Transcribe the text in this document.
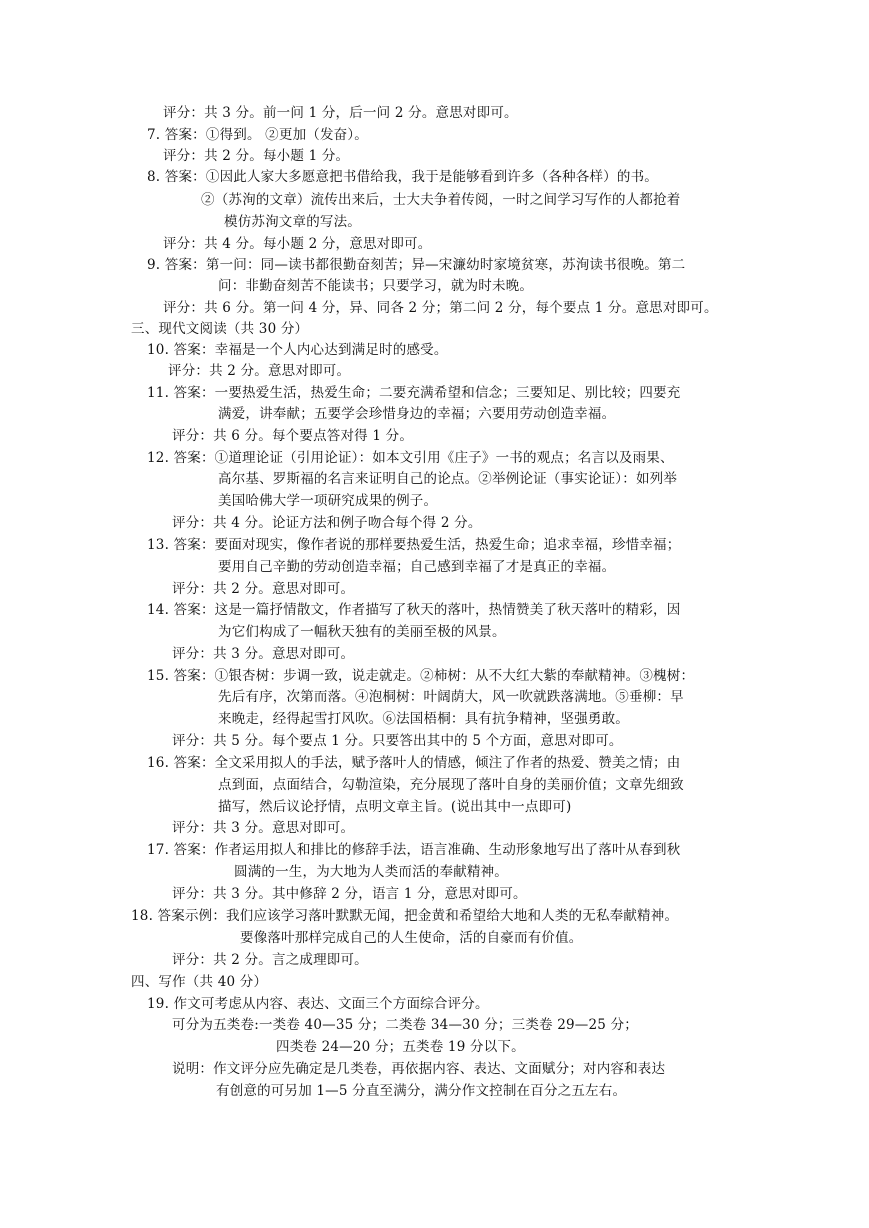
评分：共 3 分。前一问 1 分，后一问 2 分。意思对即可。
7. 答案：①得到。 ②更加（发奋）。
评分：共 2 分。每小题 1 分。
8. 答案：①因此人家大多愿意把书借给我，我于是能够看到许多（各种各样）的书。
②（苏洵的文章）流传出来后，士大夫争着传阅，一时之间学习写作的人都抢着
模仿苏洵文章的写法。
评分：共 4 分。每小题 2 分，意思对即可。
9. 答案：第一问：同—读书都很勤奋刻苦；异—宋濂幼时家境贫寒，苏洵读书很晚。第二
问：非勤奋刻苦不能读书；只要学习，就为时未晚。
评分：共 6 分。第一问 4 分，异、同各 2 分；第二问 2 分，每个要点 1 分。意思对即可。
三、现代文阅读（共 30 分）
10. 答案：幸福是一个人内心达到满足时的感受。
评分：共 2 分。意思对即可。
11. 答案：一要热爱生活，热爱生命；二要充满希望和信念；三要知足、别比较；四要充
满爱，讲奉献；五要学会珍惜身边的幸福；六要用劳动创造幸福。
评分：共 6 分。每个要点答对得 1 分。
12. 答案：①道理论证（引用论证）：如本文引用《庄子》一书的观点；名言以及雨果、
高尔基、罗斯福的名言来证明自己的论点。②举例论证（事实论证）：如列举
美国哈佛大学一项研究成果的例子。
评分：共 4 分。论证方法和例子吻合每个得 2 分。
13. 答案：要面对现实，像作者说的那样要热爱生活，热爱生命；追求幸福，珍惜幸福；
要用自己辛勤的劳动创造幸福；自己感到幸福了才是真正的幸福。
评分：共 2 分。意思对即可。
14. 答案：这是一篇抒情散文，作者描写了秋天的落叶，热情赞美了秋天落叶的精彩，因
为它们构成了一幅秋天独有的美丽至极的风景。
评分：共 3 分。意思对即可。
15. 答案：①银杏树：步调一致，说走就走。②柿树：从不大红大紫的奉献精神。③槐树：
先后有序，次第而落。④泡桐树：叶阔荫大，风一吹就跌落满地。⑤垂柳：早
来晚走，经得起雪打风吹。⑥法国梧桐：具有抗争精神，坚强勇敢。
评分：共 5 分。每个要点 1 分。只要答出其中的 5 个方面，意思对即可。
16. 答案：全文采用拟人的手法，赋予落叶人的情感，倾注了作者的热爱、赞美之情；由
点到面，点面结合，勾勒渲染，充分展现了落叶自身的美丽价值；文章先细致
描写，然后议论抒情，点明文章主旨。(说出其中一点即可)
评分：共 3 分。意思对即可。
17. 答案：作者运用拟人和排比的修辞手法，语言准确、生动形象地写出了落叶从春到秋
圆满的一生，为大地为人类而活的奉献精神。
评分：共 3 分。其中修辞 2 分，语言 1 分，意思对即可。
18. 答案示例：我们应该学习落叶默默无闻，把金黄和希望给大地和人类的无私奉献精神。
要像落叶那样完成自己的人生使命，活的自豪而有价值。
评分：共 2 分。言之成理即可。
四、写作（共 40 分）
19. 作文可考虑从内容、表达、文面三个方面综合评分。
可分为五类卷:一类卷 40—35 分；二类卷 34—30 分；三类卷 29—25 分；
四类卷 24—20 分；五类卷 19 分以下。
说明：作文评分应先确定是几类卷，再依据内容、表达、文面赋分；对内容和表达
有创意的可另加 1—5 分直至满分，满分作文控制在百分之五左右。
